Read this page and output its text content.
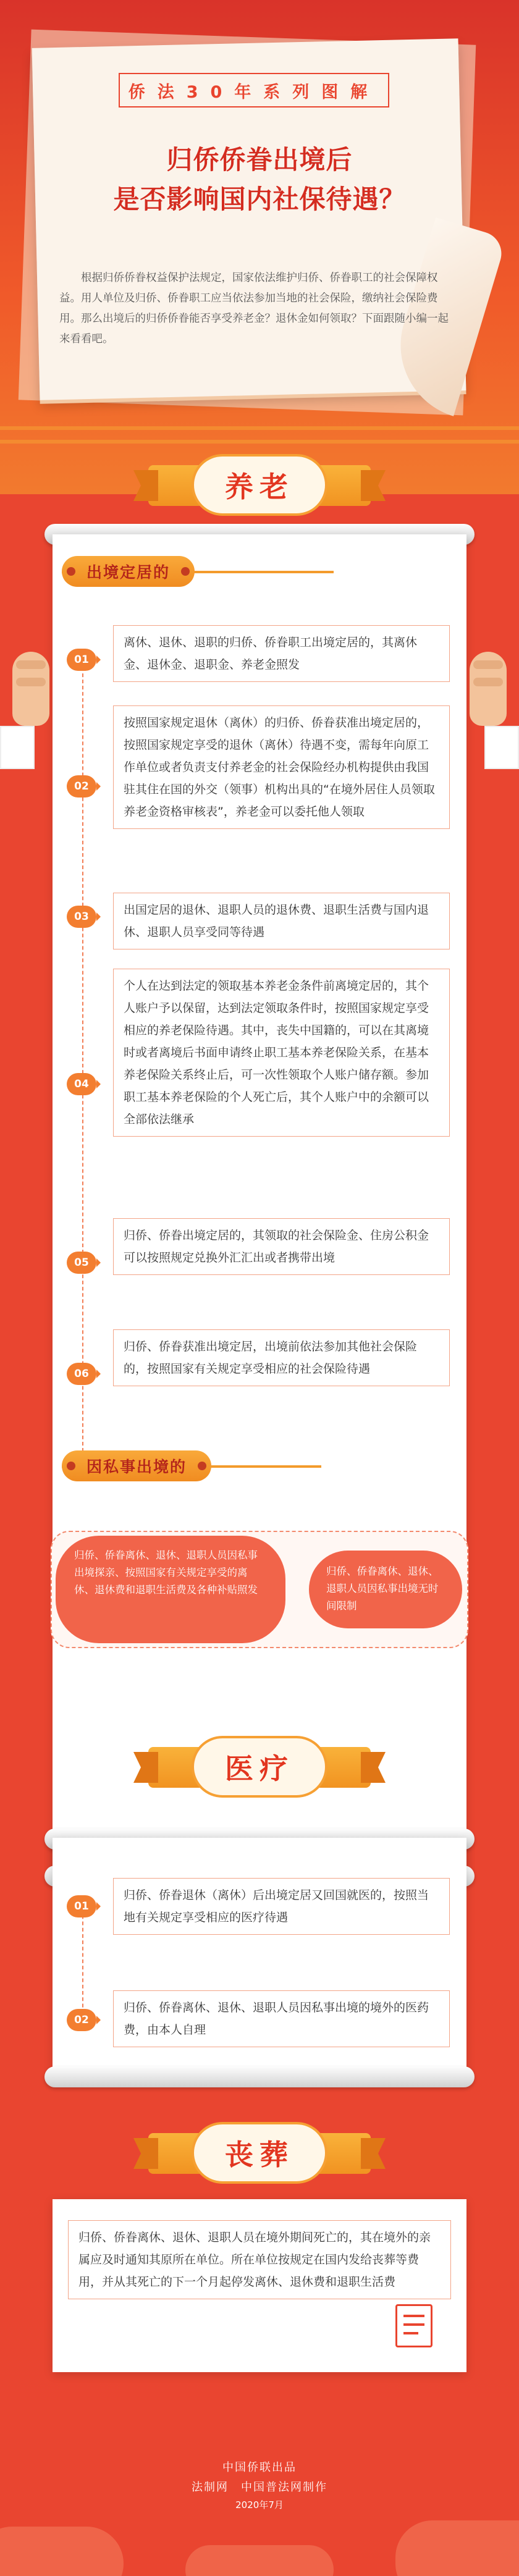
侨法30年系列图解
归侨侨眷出境后
是否影响国内社保待遇？
根据归侨侨眷权益保护法规定，国家依法维护归侨、侨眷职工的社会保障权益。用人单位及归侨、侨眷职工应当依法参加当地的社会保险，缴纳社会保险费用。那么出境后的归侨侨眷能否享受养老金？退休金如何领取？下面跟随小编一起来看看吧。
养老
出境定居的
01
离休、退休、退职的归侨、侨眷职工出境定居的，其离休金、退休金、退职金、养老金照发
02
按照国家规定退休（离休）的归侨、侨眷获准出境定居的，按照国家规定享受的退休（离休）待遇不变，需每年向原工作单位或者负责支付养老金的社会保险经办机构提供由我国驻其住在国的外交（领事）机构出具的“在境外居住人员领取养老金资格审核表”，养老金可以委托他人领取
03	出国定居的退休、退职人员的退休费、退职生活费与国内退休、退职人员享受同等待遇
04
个人在达到法定的领取基本养老金条件前离境定居的，其个人账户予以保留，达到法定领取条件时，按照国家规定享受相应的养老保险待遇。其中，丧失中国籍的，可以在其离境时或者离境后书面申请终止职工基本养老保险关系，在基本养老保险关系终止后，可一次性领取个人账户储存额。参加职工基本养老保险的个人死亡后，其个人账户中的余额可以全部依法继承
05
归侨、侨眷出境定居的，其领取的社会保险金、住房公积金可以按照规定兑换外汇汇出或者携带出境
06
归侨、侨眷获准出境定居，出境前依法参加其他社会保险的，按照国家有关规定享受相应的社会保险待遇
因私事出境的
归侨、侨眷离休、退休、退职人员因私事出境探亲、按照国家有关规定享受的离休、退休费和退职生活费及各种补贴照发
归侨、侨眷离休、退休、退职人员因私事出境无时间限制
医疗
01
归侨、侨眷退休（离休）后出境定居又回国就医的，按照当地有关规定享受相应的医疗待遇
02
归侨、侨眷离休、退休、退职人员因私事出境的境外的医药费，由本人自理
丧葬
归侨、侨眷离休、退休、退职人员在境外期间死亡的，其在境外的亲属应及时通知其原所在单位。所在单位按规定在国内发给丧葬等费用，并从其死亡的下一个月起停发离休、退休费和退职生活费
中国侨联出品
法制网　中国普法网制作
2020年7月
